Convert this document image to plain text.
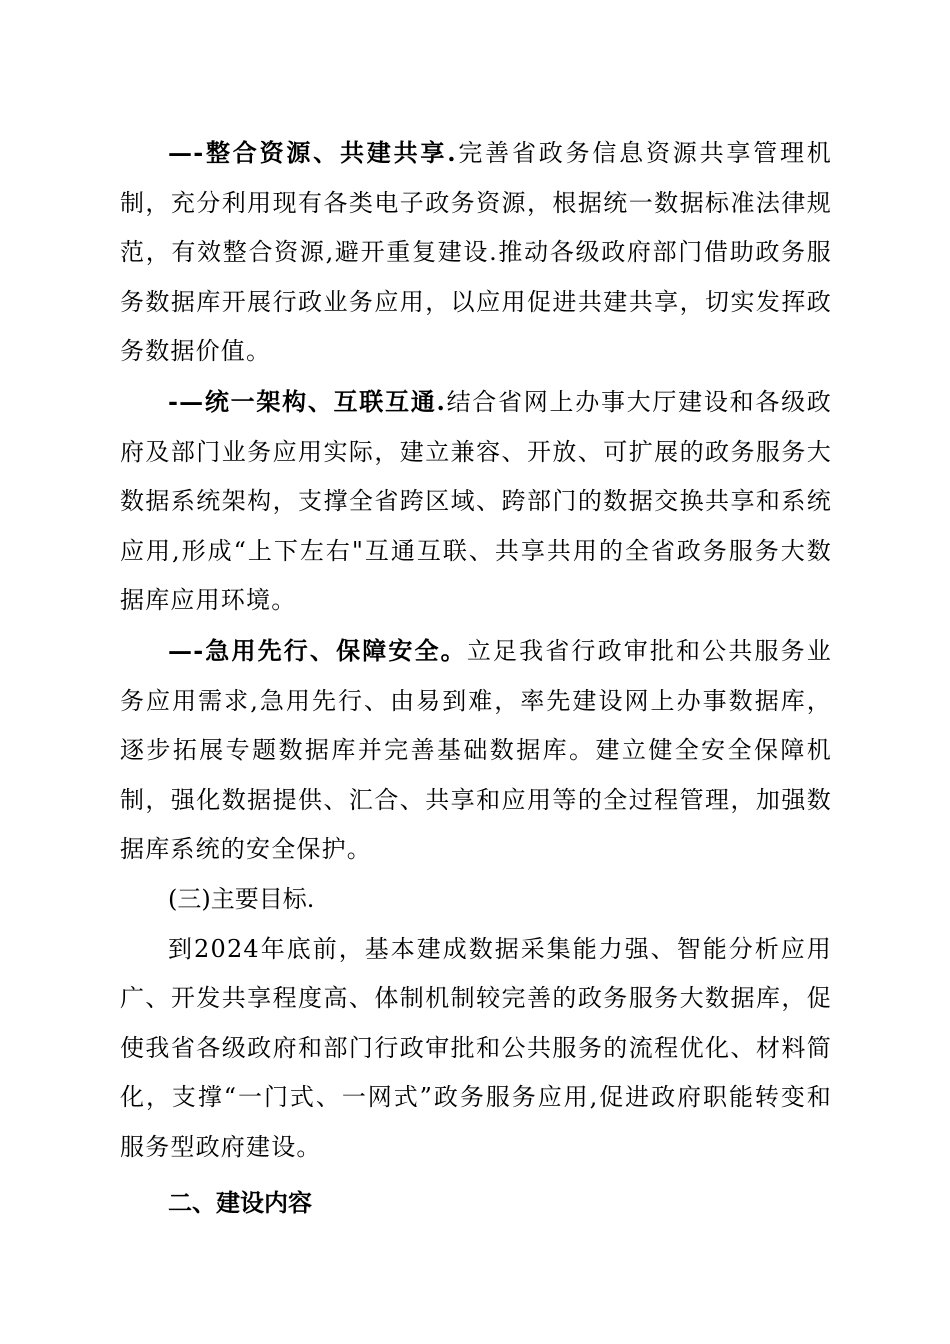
—-整合资源、共建共享.完善省政务信息资源共享管理机制，充分利用现有各类电子政务资源，根据统一数据标准法律规范，有效整合资源,避开重复建设.推动各级政府部门借助政务服务数据库开展行政业务应用，以应用促进共建共享，切实发挥政务数据价值。

-—统一架构、互联互通.结合省网上办事大厅建设和各级政府及部门业务应用实际，建立兼容、开放、可扩展的政务服务大数据系统架构，支撑全省跨区域、跨部门的数据交换共享和系统应用,形成“上下左右"互通互联、共享共用的全省政务服务大数据库应用环境。

—-急用先行、保障安全。立足我省行政审批和公共服务业务应用需求,急用先行、由易到难，率先建设网上办事数据库，逐步拓展专题数据库并完善基础数据库。建立健全安全保障机制，强化数据提供、汇合、共享和应用等的全过程管理，加强数据库系统的安全保护。

(三)主要目标.

到2024年底前，基本建成数据采集能力强、智能分析应用广、开发共享程度高、体制机制较完善的政务服务大数据库，促使我省各级政府和部门行政审批和公共服务的流程优化、材料简化，支撑“一门式、一网式”政务服务应用,促进政府职能转变和服务型政府建设。

二、建设内容
